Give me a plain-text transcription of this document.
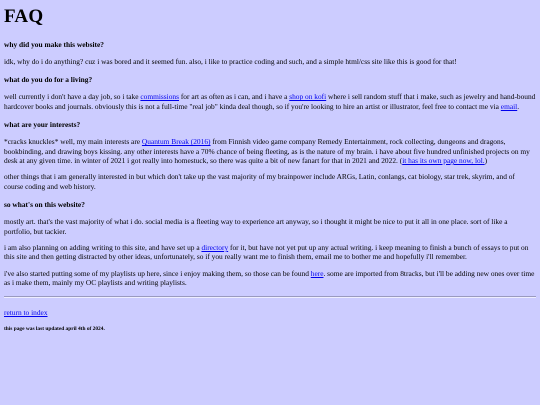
FAQ
why did you make this website?

idk, why do i do anything? cuz i was bored and it seemed fun. also, i like to practice coding and such, and a simple html/css site like this is good for that!

what do you do for a living?

well currently i don't have a day job, so i take commissions for art as often as i can, and i have a shop on kofi where i sell random stuff that i make, such as jewelry and hand-bound hardcover books and journals. obviously this is not a full-time "real job" kinda deal though, so if you're looking to hire an artist or illustrator, feel free to contact me via email.

what are your interests?

*cracks knuckles* well, my main interests are Quantum Break (2016) from Finnish video game company Remedy Entertainment, rock collecting, dungeons and dragons, bookbinding, and drawing boys kissing. any other interests have a 70% chance of being fleeting, as is the nature of my brain. i have about five hundred unfinished projects on my desk at any given time. in winter of 2021 i got really into homestuck, so there was quite a bit of new fanart for that in 2021 and 2022. (it has its own page now, lol.)

other things that i am generally interested in but which don't take up the vast majority of my brainpower include ARGs, Latin, conlangs, cat biology, star trek, skyrim, and of course coding and web history.

so what's on this website?

mostly art. that's the vast majority of what i do. social media is a fleeting way to experience art anyway, so i thought it might be nice to put it all in one place. sort of like a portfolio, but tackier.

i am also planning on adding writing to this site, and have set up a directory for it, but have not yet put up any actual writing. i keep meaning to finish a bunch of essays to put on this site and then getting distracted by other ideas, unfortunately, so if you really want me to finish them, email me to bother me and hopefully i'll remember.

i've also started putting some of my playlists up here, since i enjoy making them, so those can be found here. some are imported from 8tracks, but i'll be adding new ones over time as i make them, mainly my OC playlists and writing playlists.

return to index

this page was last updated april 4th of 2024.
